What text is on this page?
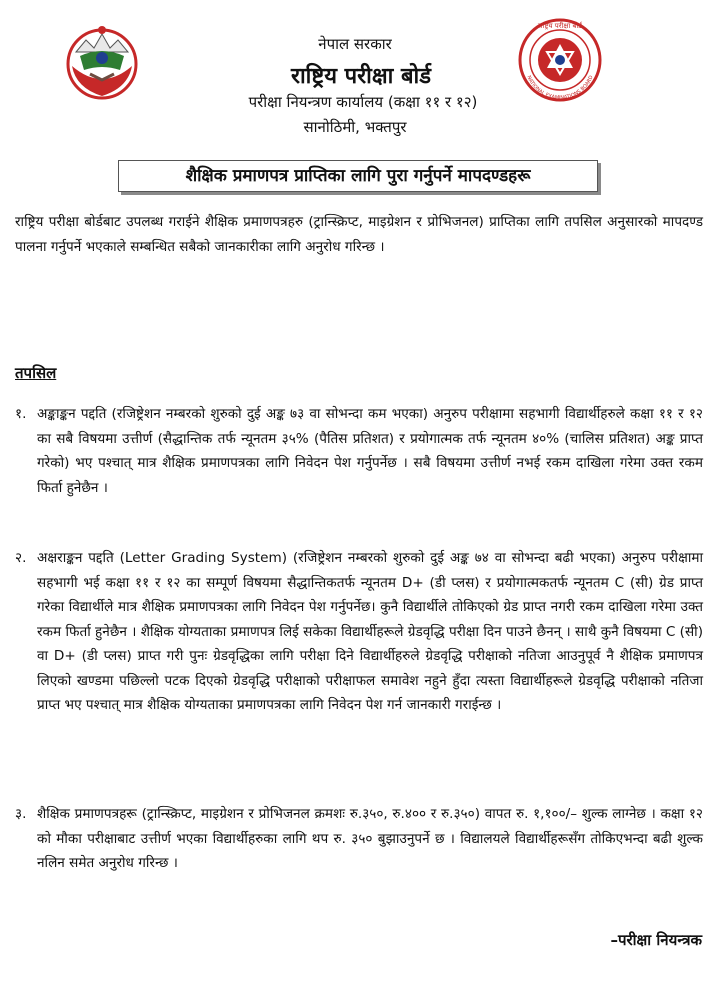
राष्ट्रिय परीक्षा बोर्ड
NATIONAL EXAMINATIONS BOARD
नेपाल सरकार
राष्ट्रिय परीक्षा बोर्ड
परीक्षा नियन्त्रण कार्यालय (कक्षा ११ र १२)
सानोठिमी, भक्तपुर
शैक्षिक प्रमाणपत्र प्राप्तिका लागि पुरा गर्नुपर्ने मापदण्डहरू
राष्ट्रिय परीक्षा बोर्डबाट उपलब्ध गराईने शैक्षिक प्रमाणपत्रहरु (ट्रान्स्क्रिप्ट, माइग्रेशन र प्रोभिजनल) प्राप्तिका लागि तपसिल अनुसारको मापदण्ड पालना गर्नुपर्ने भएकाले सम्बन्धित सबैको जानकारीका लागि अनुरोध गरिन्छ ।
तपसिल
१. अङ्काङ्कन पद्दति (रजिष्ट्रेशन नम्बरको शुरुको दुई अङ्क ७३ वा सोभन्दा कम भएका) अनुरुप परीक्षामा सहभागी विद्यार्थीहरुले कक्षा ११ र १२ का सबै विषयमा उत्तीर्ण (सैद्धान्तिक तर्फ न्यूनतम ३५% (पैतिस प्रतिशत) र प्रयोगात्मक तर्फ न्यूनतम ४०% (चालिस प्रतिशत) अङ्क प्राप्त गरेको) भए पश्चात् मात्र शैक्षिक प्रमाणपत्रका लागि निवेदन पेश गर्नुपर्नेछ । सबै विषयमा उत्तीर्ण नभई रकम दाखिला गरेमा उक्त रकम फिर्ता हुनेछैन ।
२. अक्षराङ्कन पद्दति (Letter Grading System) (रजिष्ट्रेशन नम्बरको शुरुको दुई अङ्क ७४ वा सोभन्दा बढी भएका) अनुरुप परीक्षामा सहभागी भई कक्षा ११ र १२ का सम्पूर्ण विषयमा सैद्धान्तिकतर्फ न्यूनतम D+ (डी प्लस) र प्रयोगात्मकतर्फ न्यूनतम C (सी) ग्रेड प्राप्त गरेका विद्यार्थीले मात्र शैक्षिक प्रमाणपत्रका लागि निवेदन पेश गर्नुपर्नेछ। कुनै विद्यार्थीले तोकिएको ग्रेड प्राप्त नगरी रकम दाखिला गरेमा उक्त रकम फिर्ता हुनेछैन । शैक्षिक योग्यताका प्रमाणपत्र लिई सकेका विद्यार्थीहरूले ग्रेडवृद्धि परीक्षा दिन पाउने छैनन् । साथै कुनै विषयमा C (सी) वा D+ (डी प्लस) प्राप्त गरी पुनः ग्रेडवृद्धिका लागि परीक्षा दिने विद्यार्थीहरुले ग्रेडवृद्धि परीक्षाको नतिजा आउनुपूर्व नै शैक्षिक प्रमाणपत्र लिएको खण्डमा पछिल्लो पटक दिएको ग्रेडवृद्धि परीक्षाको परीक्षाफल समावेश नहुने हुँदा त्यस्ता विद्यार्थीहरूले ग्रेडवृद्धि परीक्षाको नतिजा प्राप्त भए पश्चात् मात्र शैक्षिक योग्यताका प्रमाणपत्रका लागि निवेदन पेश गर्न जानकारी गराईन्छ ।
३. शैक्षिक प्रमाणपत्रहरू (ट्रान्स्क्रिप्ट, माइग्रेशन र प्रोभिजनल क्रमशः रु.३५०, रु.४०० र रु.३५०) वापत रु. १,१००/– शुल्क लाग्नेछ । कक्षा १२ को मौका परीक्षाबाट उत्तीर्ण भएका विद्यार्थीहरुका लागि थप रु. ३५० बुझाउनुपर्ने छ । विद्यालयले विद्यार्थीहरूसँग तोकिएभन्दा बढी शुल्क नलिन समेत अनुरोध गरिन्छ ।
–परीक्षा नियन्त्रक
